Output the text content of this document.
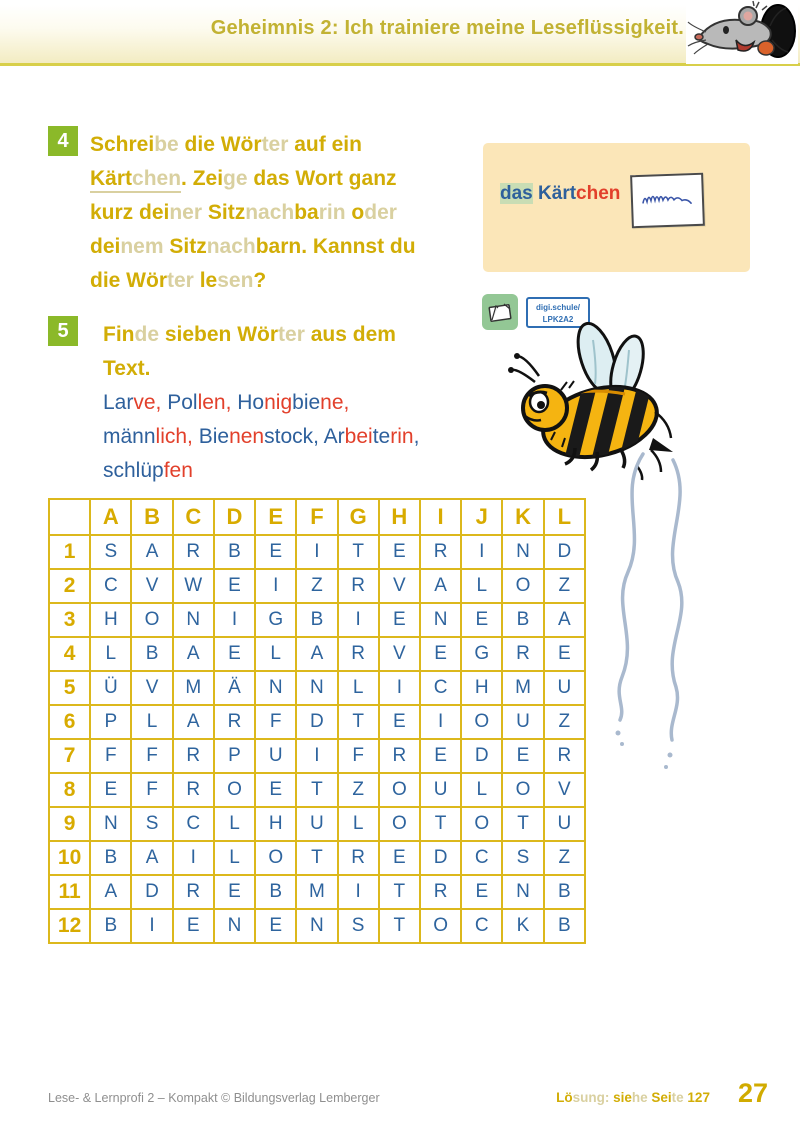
Geheimnis 2: Ich trainiere meine Leseflüssigkeit.
4	Schreibe die Wörter auf ein
Kärtchen. Zeige das Wort ganz
kurz deiner Sitznachbarin oder
deinem Sitznachbarn. Kannst du
die Wörter lesen?
das Kärtchen
digi.schule/
LPK2A2
5	Finde sieben Wörter aus dem
Text.
Larve, Pollen, Honigbiene,
männlich, Bienenstock, Arbeiterin,
schlüpfen
	A	B	C	D	E	F	G	H	I	J	K	L
1	S	A	R	B	E	I	T	E	R	I	N	D
2	C	V	W	E	I	Z	R	V	A	L	O	Z
3	H	O	N	I	G	B	I	E	N	E	B	A
4	L	B	A	E	L	A	R	V	E	G	R	E
5	Ü	V	M	Ä	N	N	L	I	C	H	M	U
6	P	L	A	R	F	D	T	E	I	O	U	Z
7	F	F	R	P	U	I	F	R	E	D	E	R
8	E	F	R	O	E	T	Z	O	U	L	O	V
9	N	S	C	L	H	U	L	O	T	O	T	U
10	B	A	I	L	O	T	R	E	D	C	S	Z
11	A	D	R	E	B	M	I	T	R	E	N	B
12	B	I	E	N	E	N	S	T	O	C	K	B
Lese- & Lernprofi 2 – Kompakt © Bildungsverlag Lemberger	Lösung: siehe Seite 127 27
